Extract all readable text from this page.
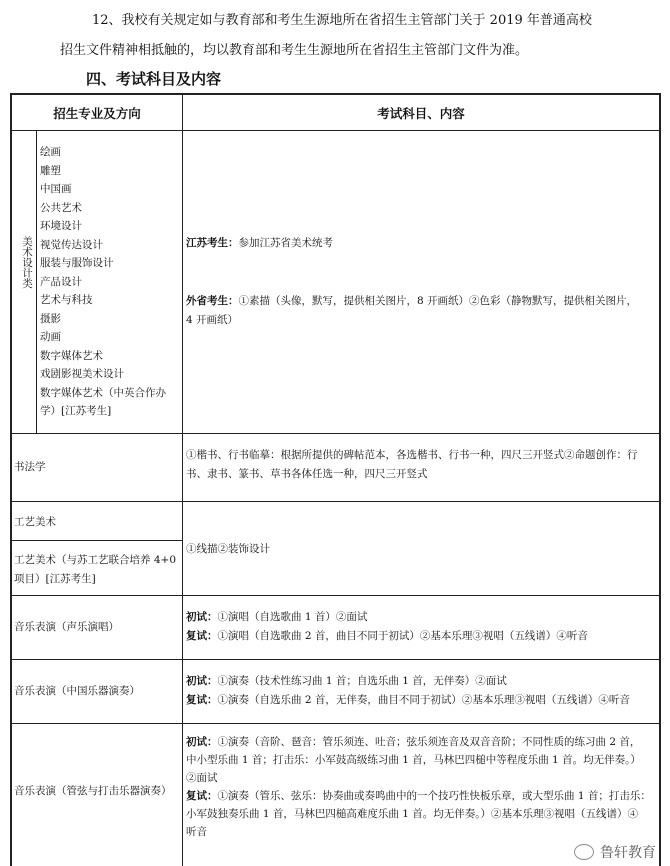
12、我校有关规定如与教育部和考生生源地所在省招生主管部门关于 2019 年普通高校
招生文件精神相抵触的，均以教育部和考生生源地所在省招生主管部门文件为准。
四、考试科目及内容
招生专业及方向	考试科目、内容
美术设计类
绘画
雕塑
中国画
公共艺术
环境设计
视觉传达设计
服装与服饰设计
产品设计
艺术与科技
摄影
动画
数字媒体艺术
戏剧影视美术设计
数字媒体艺术（中英合作办
学）[江苏考生]
江苏考生：参加江苏省美术统考
外省考生：①素描（头像，默写，提供相关图片，8 开画纸）②色彩（静物默写，提供相关图片，
4 开画纸）
书法学
①楷书、行书临摹：根据所提供的碑帖范本，各选楷书、行书一种，四尺三开竖式②命题创作：行
书、隶书、篆书、草书各体任选一种，四尺三开竖式
工艺美术
工艺美术（与苏工艺联合培养 4+0
项目）[江苏考生]
①线描②装饰设计
音乐表演（声乐演唱）
初试：①演唱（自选歌曲 1 首）②面试
复试：①演唱（自选歌曲 2 首，曲目不同于初试）②基本乐理③视唱（五线谱）④听音
音乐表演（中国乐器演奏）
初试：①演奏（技术性练习曲 1 首；自选乐曲 1 首，无伴奏）②面试
复试：①演奏（自选乐曲 2 首，无伴奏，曲目不同于初试）②基本乐理③视唱（五线谱）④听音
音乐表演（管弦与打击乐器演奏）
初试：①演奏（音阶、琶音：管乐须连、吐音；弦乐须连音及双音音阶；不同性质的练习曲 2 首，
中小型乐曲 1 首；打击乐：小军鼓高级练习曲 1 首，马林巴四槌中等程度乐曲 1 首。均无伴奏。）
②面试
复试：①演奏（管乐、弦乐：协奏曲或奏鸣曲中的一个技巧性快板乐章，或大型乐曲 1 首；打击乐：
小军鼓独奏乐曲 1 首，马林巴四槌高难度乐曲 1 首。均无伴奏。）②基本乐理③视唱（五线谱）④
听音
鲁轩教育
